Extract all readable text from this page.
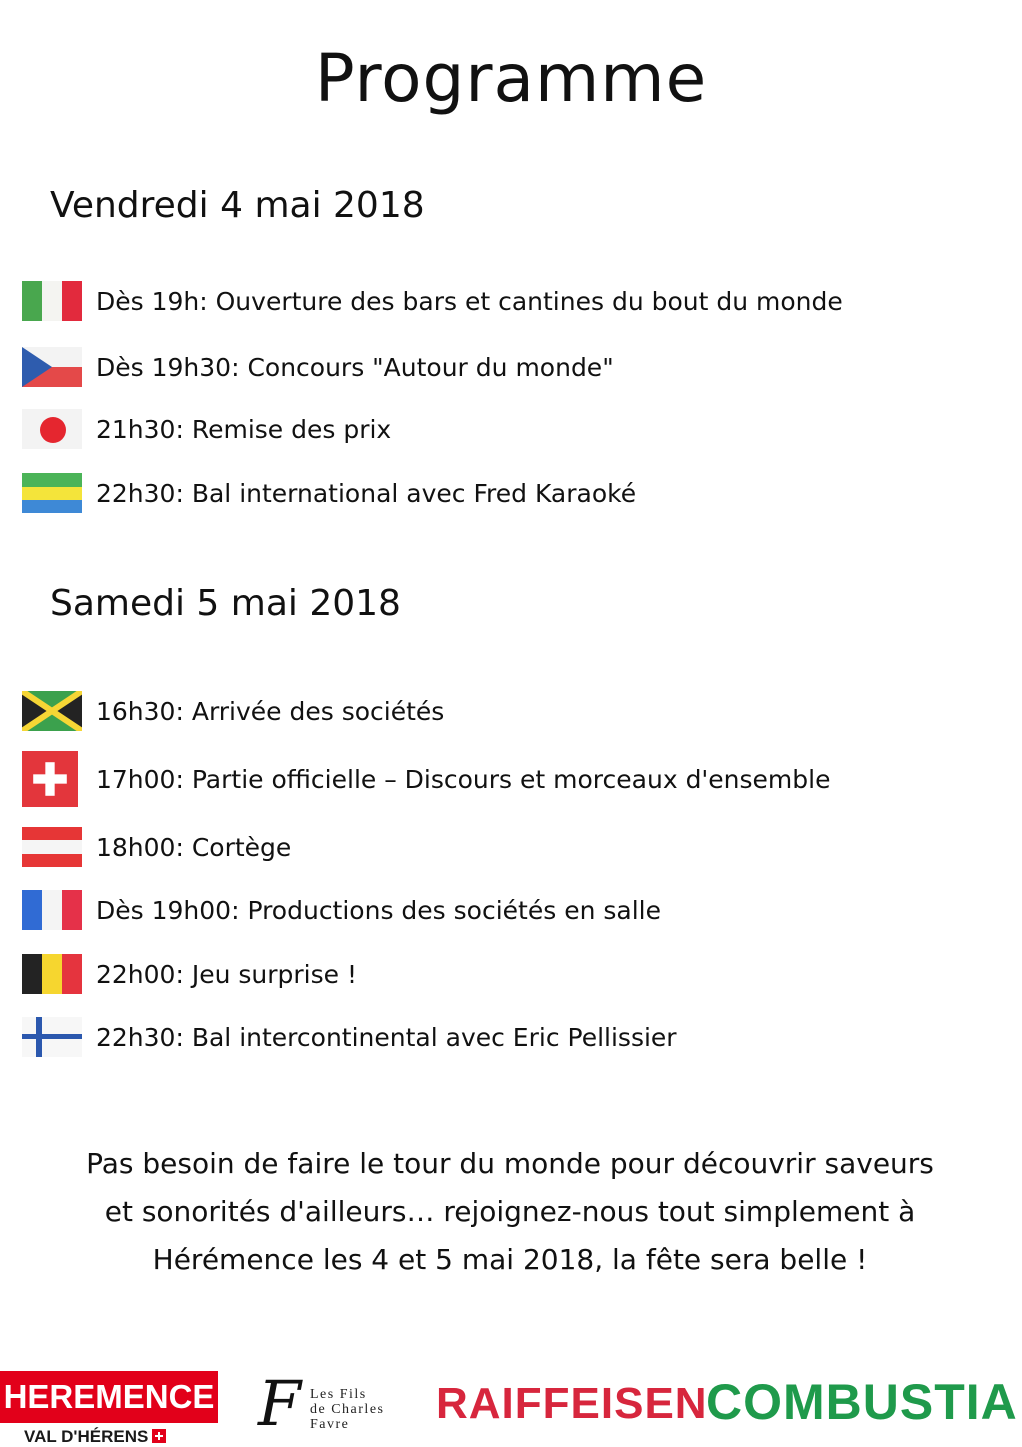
Programme
Vendredi 4 mai 2018
Dès 19h: Ouverture des bars et cantines du bout du monde
Dès 19h30: Concours "Autour du monde"
21h30: Remise des prix
22h30: Bal international avec Fred Karaoké
Samedi 5 mai 2018
16h30: Arrivée des sociétés
17h00: Partie officielle – Discours et morceaux d'ensemble
18h00: Cortège
Dès 19h00: Productions des sociétés en salle
22h00: Jeu surprise !
22h30: Bal intercontinental avec Eric Pellissier
Pas besoin de faire le tour du monde pour découvrir saveurs
et sonorités d'ailleurs… rejoignez-nous tout simplement à
Hérémence les 4 et 5 mai 2018, la fête sera belle !
HEREMENCE
VAL D'HÉRENS F Les Fils
de Charles
Favre	RAIFFEISEN
COMBUSTIA
